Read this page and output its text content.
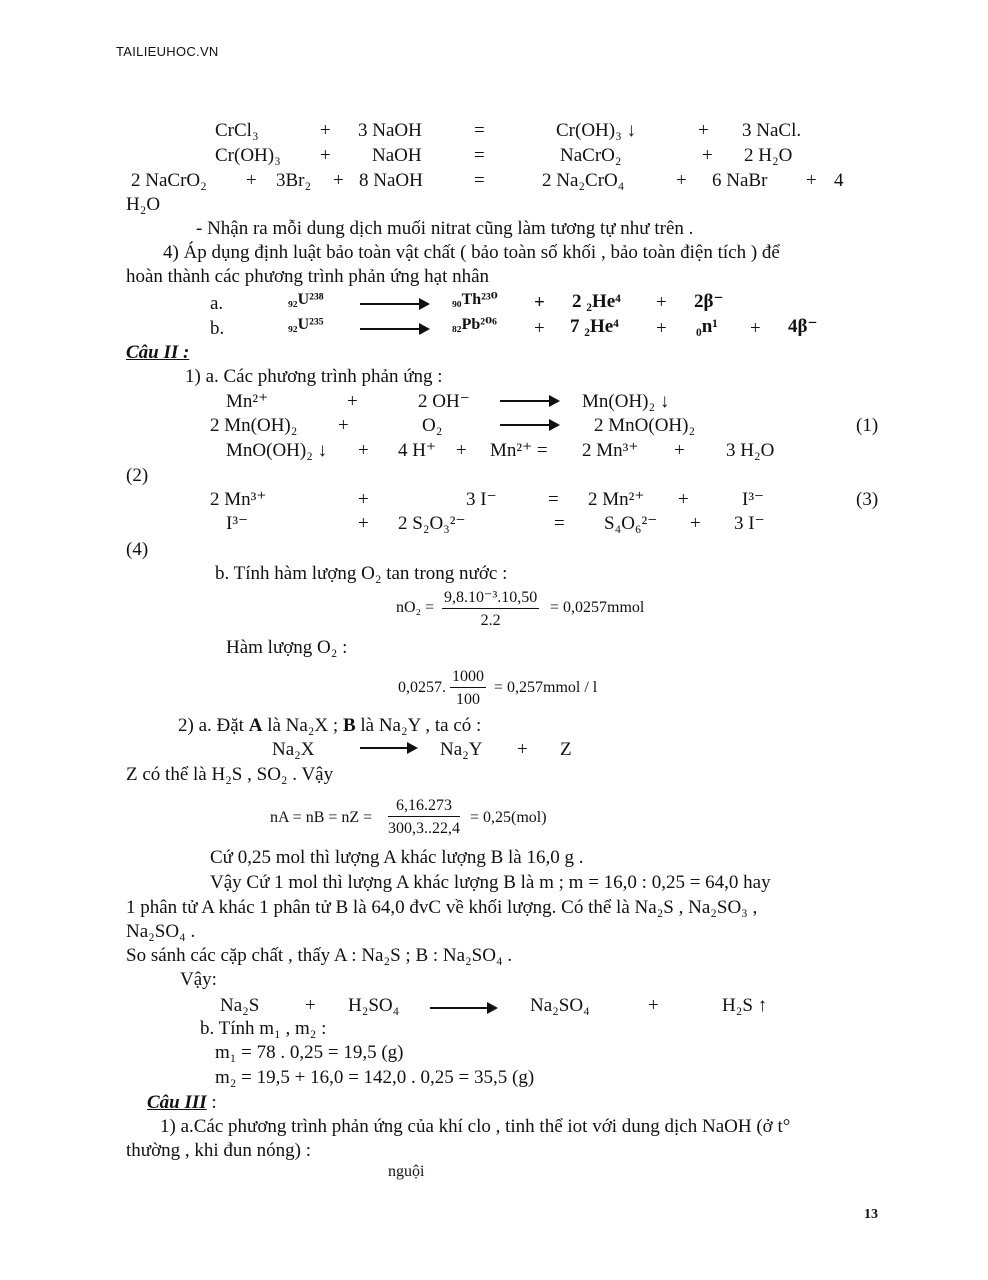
TAILIEUHOC.VN
CrCl₃	+ 3 NaOH	=	Cr(OH)₃ ↓	+ 3 NaCl.
Cr(OH)₃ + NaOH	=	NaCrO₂	+ 2 H₂O
2 NaCrO₂ + 3Br₂ + 8 NaOH	=	2 Na₂CrO₄	+ 6 NaBr + 4
H₂O
- Nhận ra mỗi dung dịch muối nitrat cũng làm tương tự như trên .
4) Áp dụng định luật bảo toàn vật chất ( bảo toàn số khối , bảo toàn điện tích ) để
hoàn thành các phương trình phản ứng hạt nhân
a.	₉₂U²³⁸	₉₀Th²³⁰ + 2 ₂He⁴ + 2β⁻
b.	₉₂U²³⁵	₈₂Pb²⁰⁶ + 7 ₂He⁴ + ₀n¹ + 4β⁻
Câu II :
1) a. Các phương trình phản ứng :
Mn²⁺	+	2 OH⁻	Mn(OH)₂ ↓
2 Mn(OH)₂ +	O₂	2 MnO(OH)₂	(1)
MnO(OH)₂ ↓ + 4 H⁺ + Mn²⁺ = 2 Mn³⁺ + 3 H₂O
(2)
2 Mn³⁺	+	3 I⁻	= 2 Mn²⁺ +	I³⁻	(3)
I³⁻	+ 2 S₂O₃²⁻	= S₄O₆²⁻ + 3 I⁻
(4)
b. Tính hàm lượng O₂ tan trong nước :
$nO_2 = \frac{\text{9,8.10⁻³.10,50}}{2.2}$ = 0,0257mmol
Hàm lượng O₂ :
0,0257. $\frac{1000}{100}$ = 0,257mmol / l
2) a. Đặt A là Na₂X ; B là Na₂Y , ta có :
Na₂X	Na₂Y + Z
Z có thể là H₂S , SO₂ . Vậy
nA = nB = nZ = $\frac{6,16.273}{300,3..22,4} = 0,25(mol)$
Cứ 0,25 mol thì lượng A khác lượng B là 16,0 g .
Vậy Cứ 1 mol thì lượng A khác lượng B là m ; m = 16,0 : 0,25 = 64,0 hay
1 phân tử A khác 1 phân tử B là 64,0 đvC về khối lượng. Có thể là Na₂S , Na₂SO₃ ,
Na₂SO₄ .
So sánh các cặp chất , thấy A : Na₂S ; B : Na₂SO₄ .
Vậy:
Na₂S + H₂SO₄	Na₂SO₄	+	H₂S ↑
b. Tính m₁ , m₂ :
m₁ = 78 . 0,25 = 19,5 (g)
m₂ = 19,5 + 16,0 = 142,0 . 0,25 = 35,5 (g)
Câu III :
1) a.Các phương trình phản ứng của khí clo , tinh thể iot với dung dịch NaOH (ở t°
thường , khi đun nóng) :
nguội
13
